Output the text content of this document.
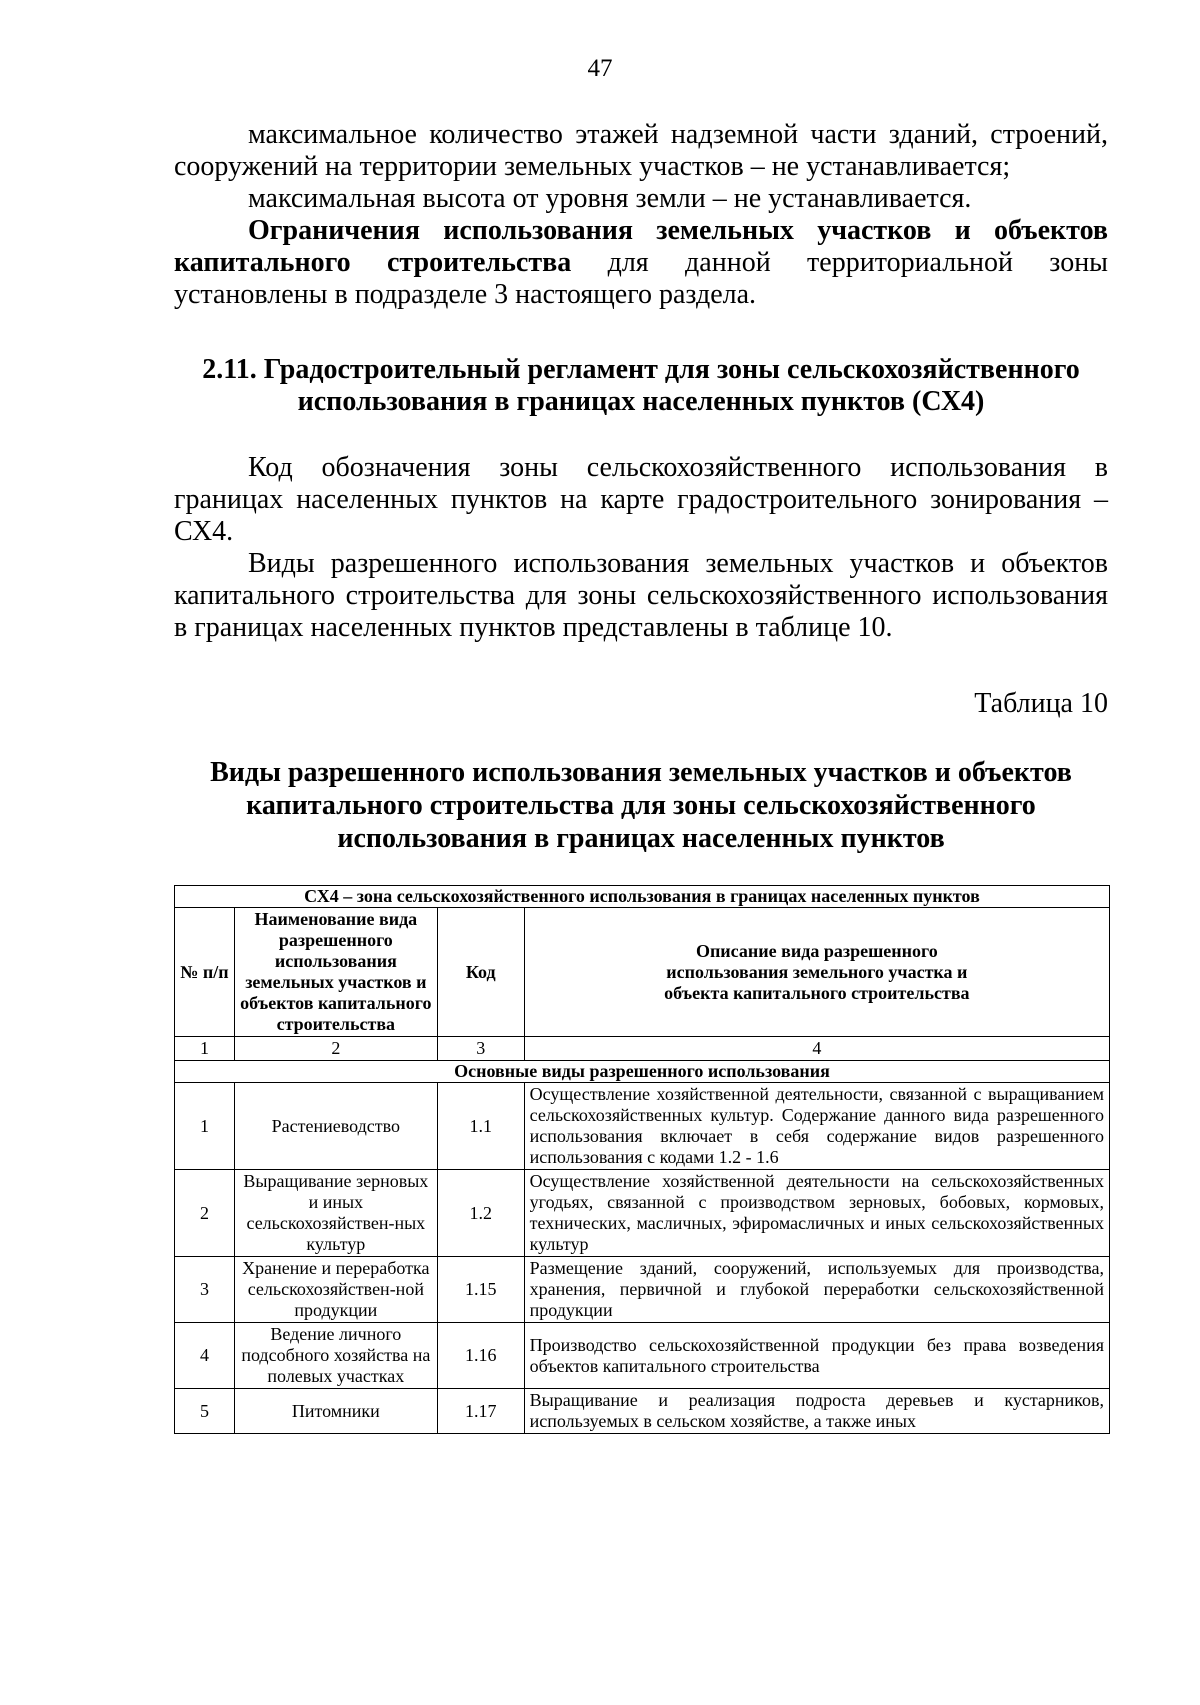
47

максимальное количество этажей надземной части зданий, строений, сооружений на территории земельных участков – не устанавливается;

максимальная высота от уровня земли – не устанавливается.

Ограничения использования земельных участков и объектов капитального строительства для данной территориальной зоны установлены в подразделе 3 настоящего раздела.

2.11. Градостроительный регламент для зоны сельскохозяйственного использования в границах населенных пунктов (СХ4)

Код обозначения зоны сельскохозяйственного использования в границах населенных пунктов на карте градостроительного зонирования – СХ4.

Виды разрешенного использования земельных участков и объектов капитального строительства для зоны сельскохозяйственного использования в границах населенных пунктов представлены в таблице 10.

Таблица 10
Виды разрешенного использования земельных участков и объектов капитального строительства для зоны сельскохозяйственного использования в границах населенных пунктов
СХ4 – зона сельскохозяйственного использования в границах населенных пунктов			
№ п/п	Наименование вида разрешенного использования земельных участков и объектов капитального строительства	Код	Описание вида разрешенного использования земельного участка и объекта капитального строительства
1	2	3	4
Основные виды разрешенного использования			
1	Растениеводство	1.1	Осуществление хозяйственной деятельности, связанной с выращиванием сельскохозяйственных культур. Содержание данного вида разрешенного использования включает в себя содержание видов разрешенного использования с кодами 1.2 - 1.6
2	Выращивание зерновых и иных сельскохозяйствен-ных культур	1.2	Осуществление хозяйственной деятельности на сельскохозяйственных угодьях, связанной с производством зерновых, бобовых, кормовых, технических, масличных, эфиромасличных и иных сельскохозяйственных культур
3	Хранение и переработка сельскохозяйствен-ной продукции	1.15	Размещение зданий, сооружений, используемых для производства, хранения, первичной и глубокой переработки сельскохозяйственной продукции
4	Ведение личного подсобного хозяйства на полевых участках	1.16	Производство сельскохозяйственной продукции без права возведения объектов капитального строительства
5	Питомники	1.17	Выращивание и реализация подроста деревьев и кустарников, используемых в сельском хозяйстве, а также иных
